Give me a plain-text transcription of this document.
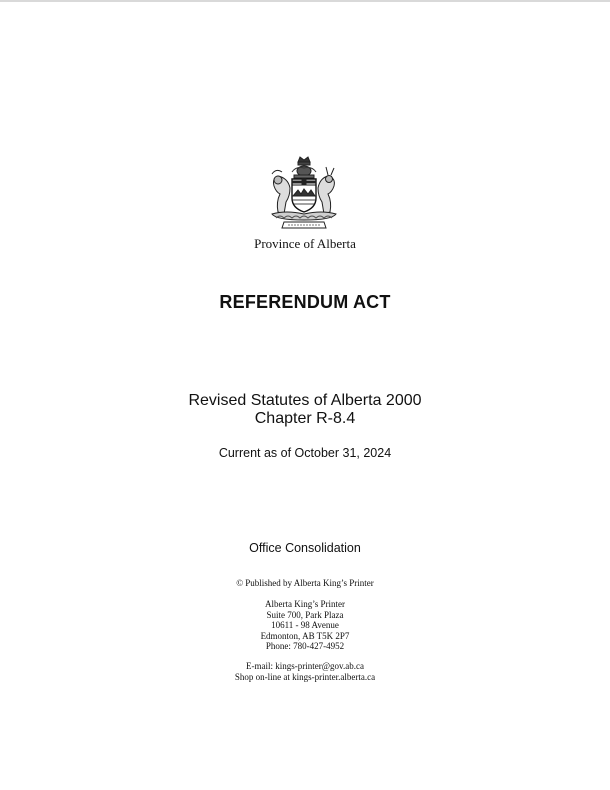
Province of Alberta
REFERENDUM ACT
Revised Statutes of Alberta 2000
Chapter R-8.4
Current as of October 31, 2024
Office Consolidation
© Published by Alberta King’s Printer
Alberta King’s Printer
Suite 700, Park Plaza
10611 - 98 Avenue
Edmonton, AB T5K 2P7
Phone: 780-427-4952
E-mail: kings-printer@gov.ab.ca
Shop on-line at kings-printer.alberta.ca
